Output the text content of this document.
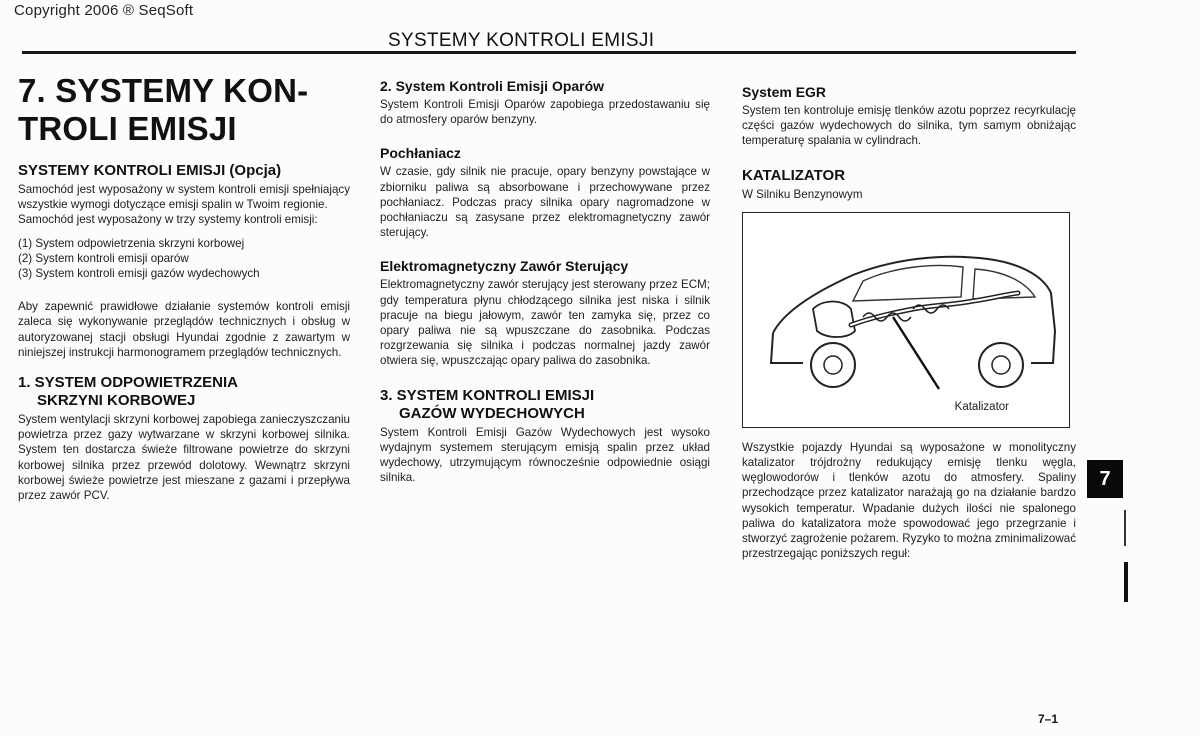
Copyright 2006 ® SeqSoft
SYSTEMY KONTROLI EMISJI
7. SYSTEMY KON-
TROLI EMISJI
SYSTEMY KONTROLI EMISJI (Opcja)

Samochód jest wyposażony w system kontroli emisji spełniający wszystkie wymogi dotyczące emisji spalin w Twoim regionie.

Samochód jest wyposażony w trzy systemy kontroli emisji:

(1) System odpowietrzenia skrzyni korbowej
(2) System kontroli emisji oparów
(3) System kontroli emisji gazów wydechowych

Aby zapewnić prawidłowe działanie systemów kontroli emisji zaleca się wykonywanie przeglądów technicznych i obsług w autoryzowanej stacji obsługi Hyundai zgodnie z zawartym w niniejszej instrukcji harmonogramem przeglądów technicznych.

1. SYSTEM ODPOWIETRZENIA
SKRZYNI KORBOWEJ

System wentylacji skrzyni korbowej zapobiega zanieczyszczaniu powietrza przez gazy wytwarzane w skrzyni korbowej silnika. System ten dostarcza świeże filtrowane powietrze do skrzyni korbowej silnika przez przewód dolotowy. Wewnątrz skrzyni korbowej świeże powietrze jest mieszane z gazami i przepływa przez zawór PCV.

2. System Kontroli Emisji Oparów

System Kontroli Emisji Oparów zapobiega przedostawaniu się do atmosfery oparów benzyny.

Pochłaniacz

W czasie, gdy silnik nie pracuje, opary benzyny powstające w zbiorniku paliwa są absorbowane i przechowywane przez pochłaniacz. Podczas pracy silnika opary nagromadzone w pochłaniaczu są zasysane przez elektromagnetyczny zawór sterujący.

Elektromagnetyczny Zawór Sterujący

Elektromagnetyczny zawór sterujący jest sterowany przez ECM; gdy temperatura płynu chłodzącego silnika jest niska i silnik pracuje na biegu jałowym, zawór ten zamyka się, przez co opary paliwa nie są wpuszczane do zasobnika. Podczas rozgrzewania się silnika i podczas normalnej jazdy zawór otwiera się, wpuszczając opary paliwa do zasobnika.

3. SYSTEM KONTROLI EMISJI
GAZÓW WYDECHOWYCH

System Kontroli Emisji Gazów Wydechowych jest wysoko wydajnym systemem sterującym emisją spalin przez układ wydechowy, utrzymującym równocześnie odpowiednie osiągi silnika.

System EGR

System ten kontroluje emisję tlenków azotu poprzez recyrkulację części gazów wydechowych do silnika, tym samym obniżając temperaturę spalania w cylindrach.

KATALIZATOR

W Silniku Benzynowym

Katalizator

Wszystkie pojazdy Hyundai są wyposażone w monolityczny katalizator trójdrożny redukujący emisję tlenku węgla, węglowodorów i tlenków azotu do atmosfery. Spaliny przechodzące przez katalizator narażają go na działanie bardzo wysokich temperatur. Wpadanie dużych ilości nie spalonego paliwa do katalizatora może spowodować jego przegrzanie i stworzyć zagrożenie pożarem. Ryzyko to można zminimalizować przestrzegając poniższych reguł:

7
7–1
